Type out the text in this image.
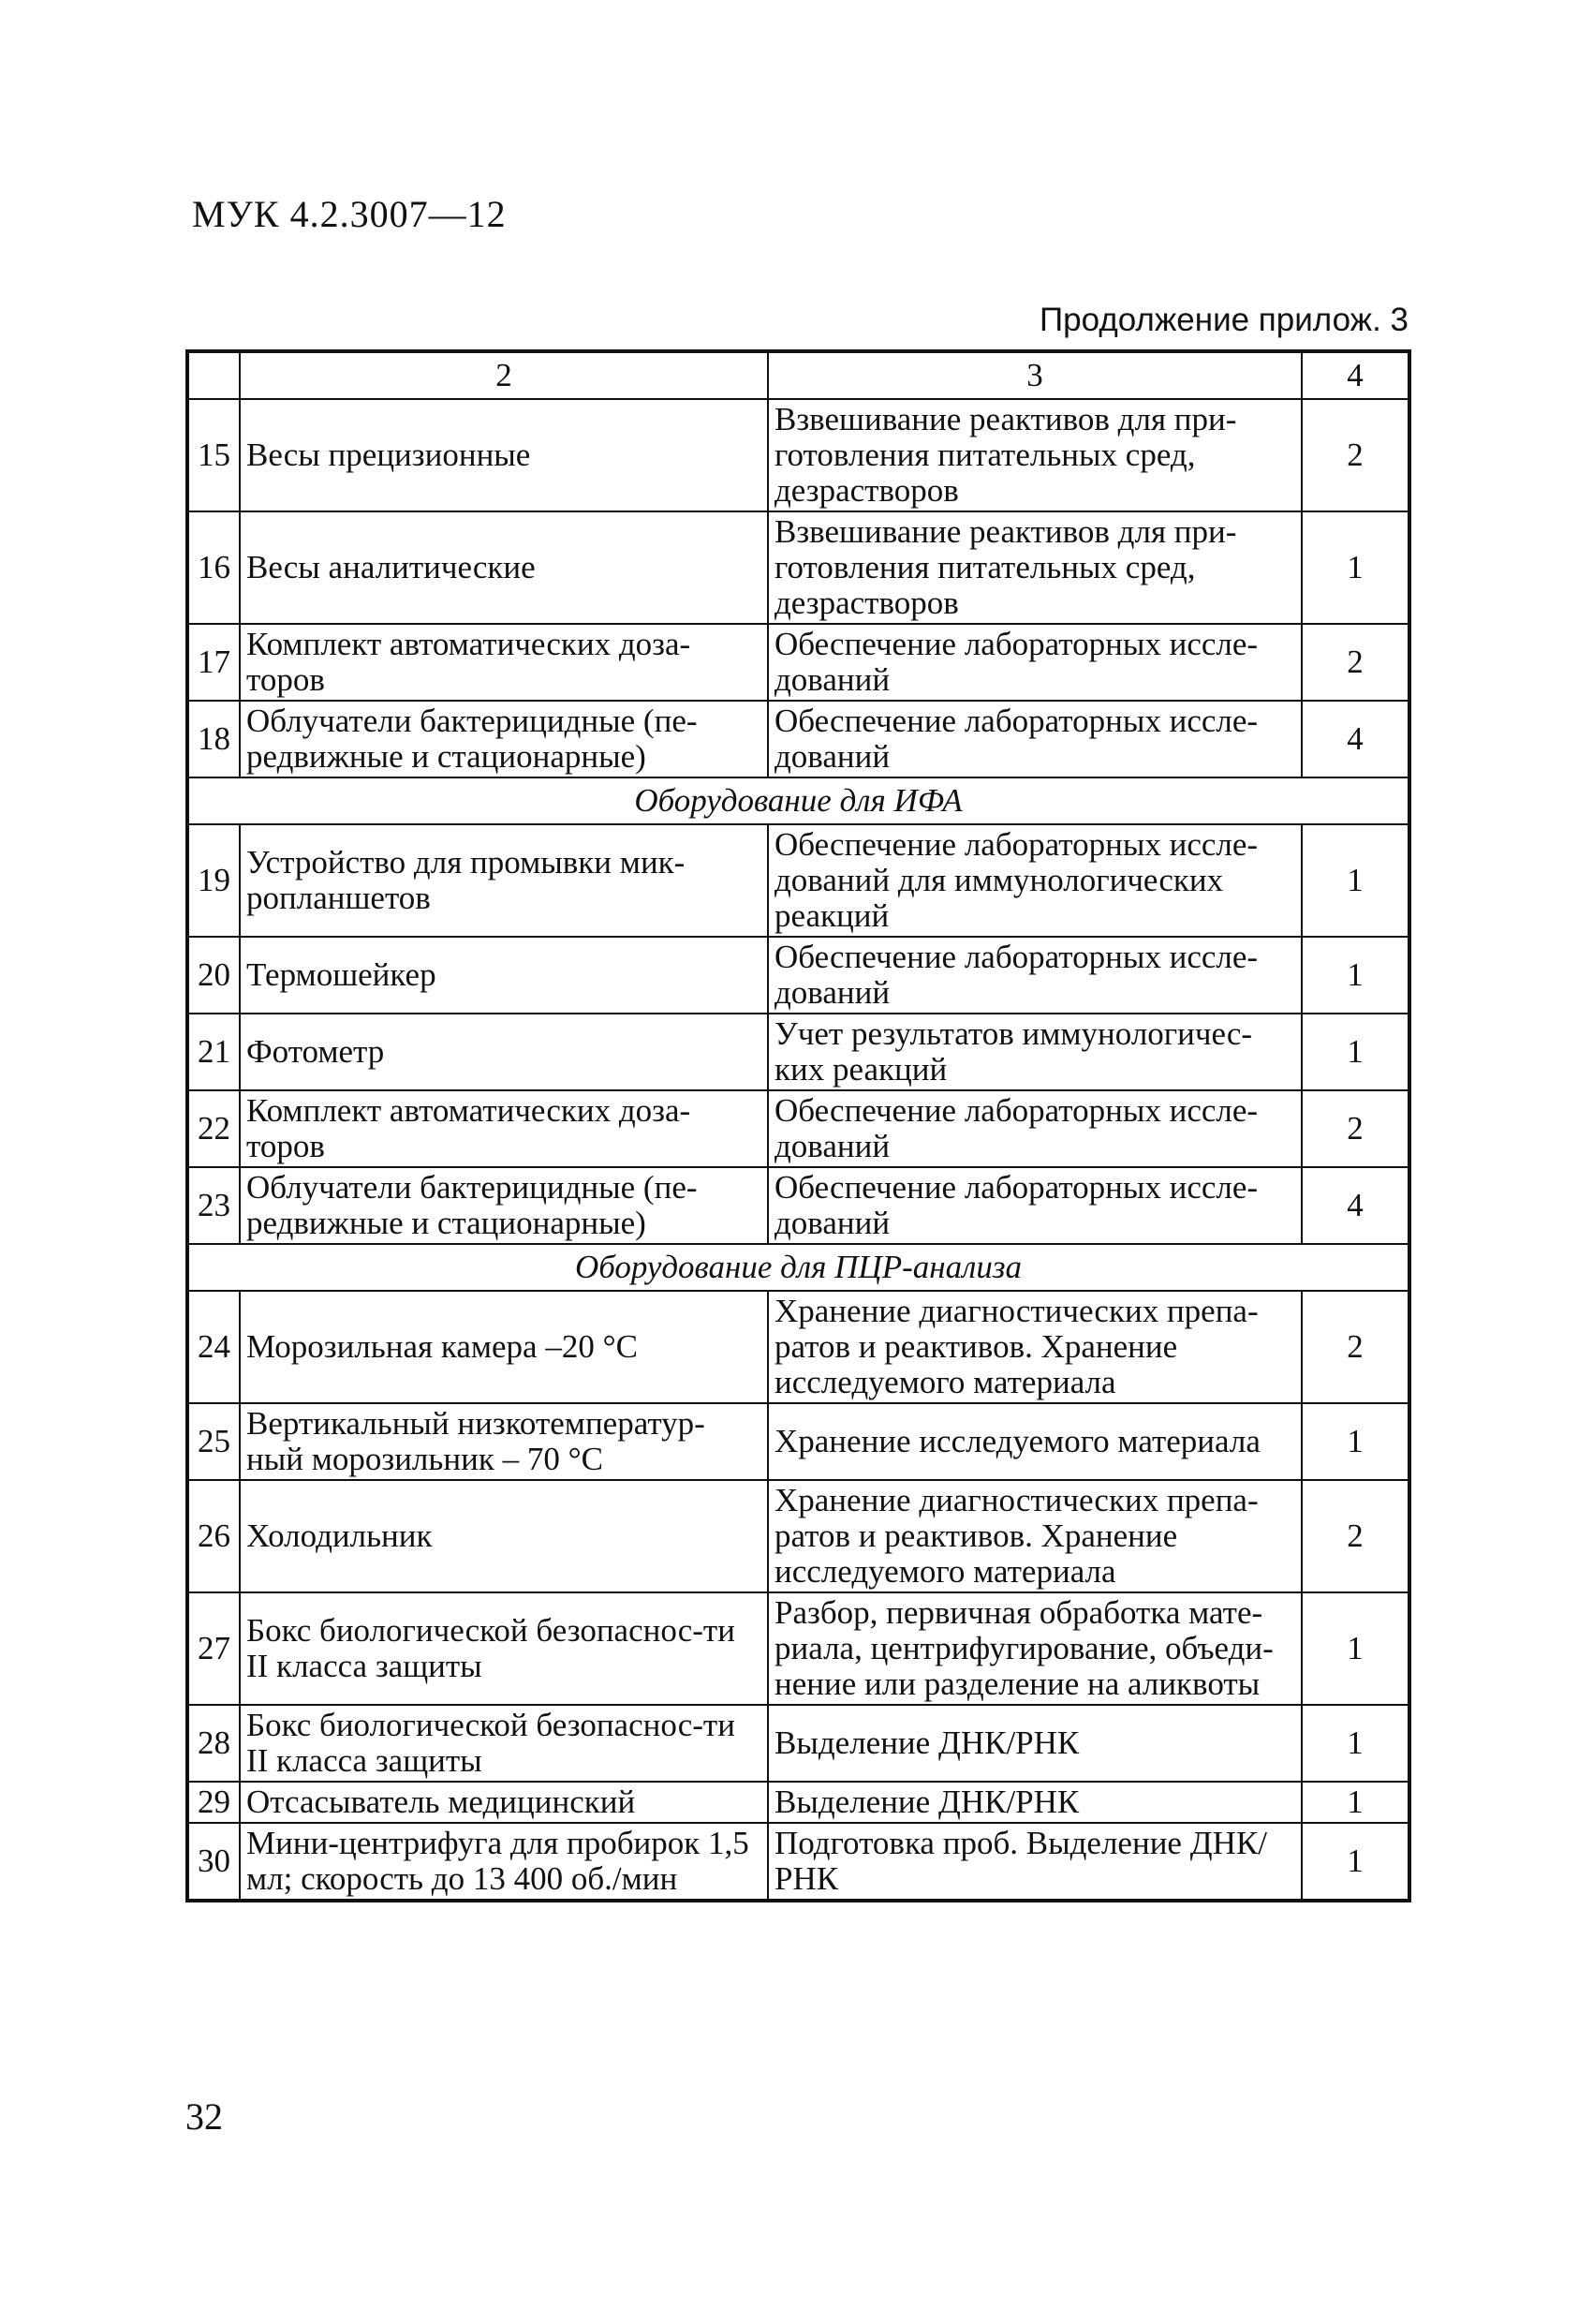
МУК 4.2.3007—12
Продолжение прилож. 3
	2	3	4
15	Весы прецизионные	Взвешивание реактивов для при-готовления питательных сред, дезрастворов	2
16	Весы аналитические	Взвешивание реактивов для при-готовления питательных сред, дезрастворов	1
17	Комплект автоматических доза-торов	Обеспечение лабораторных иссле-дований	2
18	Облучатели бактерицидные (пе-редвижные и стационарные)	Обеспечение лабораторных иссле-дований	4
Оборудование для ИФА			
19	Устройство для промывки мик-ропланшетов	Обеспечение лабораторных иссле-дований для иммунологических реакций	1
20	Термошейкер	Обеспечение лабораторных иссле-дований	1
21	Фотометр	Учет результатов иммунологичес-ких реакций	1
22	Комплект автоматических доза-торов	Обеспечение лабораторных иссле-дований	2
23	Облучатели бактерицидные (пе-редвижные и стационарные)	Обеспечение лабораторных иссле-дований	4
Оборудование для ПЦР-анализа			
24	Морозильная камера –20 °С	Хранение диагностических препа-ратов и реактивов. Хранение исследуемого материала	2
25	Вертикальный низкотемператур-ный морозильник – 70 °С	Хранение исследуемого материала	1
26	Холодильник	Хранение диагностических препа-ратов и реактивов. Хранение исследуемого материала	2
27	Бокс биологической безопаснос-ти II класса защиты	Разбор, первичная обработка мате-риала, центрифугирование, объеди-нение или разделение на аликвоты	1
28	Бокс биологической безопаснос-ти II класса защиты	Выделение ДНК/РНК	1
29	Отсасыватель медицинский	Выделение ДНК/РНК	1
30	Мини-центрифуга для пробирок 1,5 мл; скорость до 13 400 об./мин	Подготовка проб. Выделение ДНК/РНК	1
32
